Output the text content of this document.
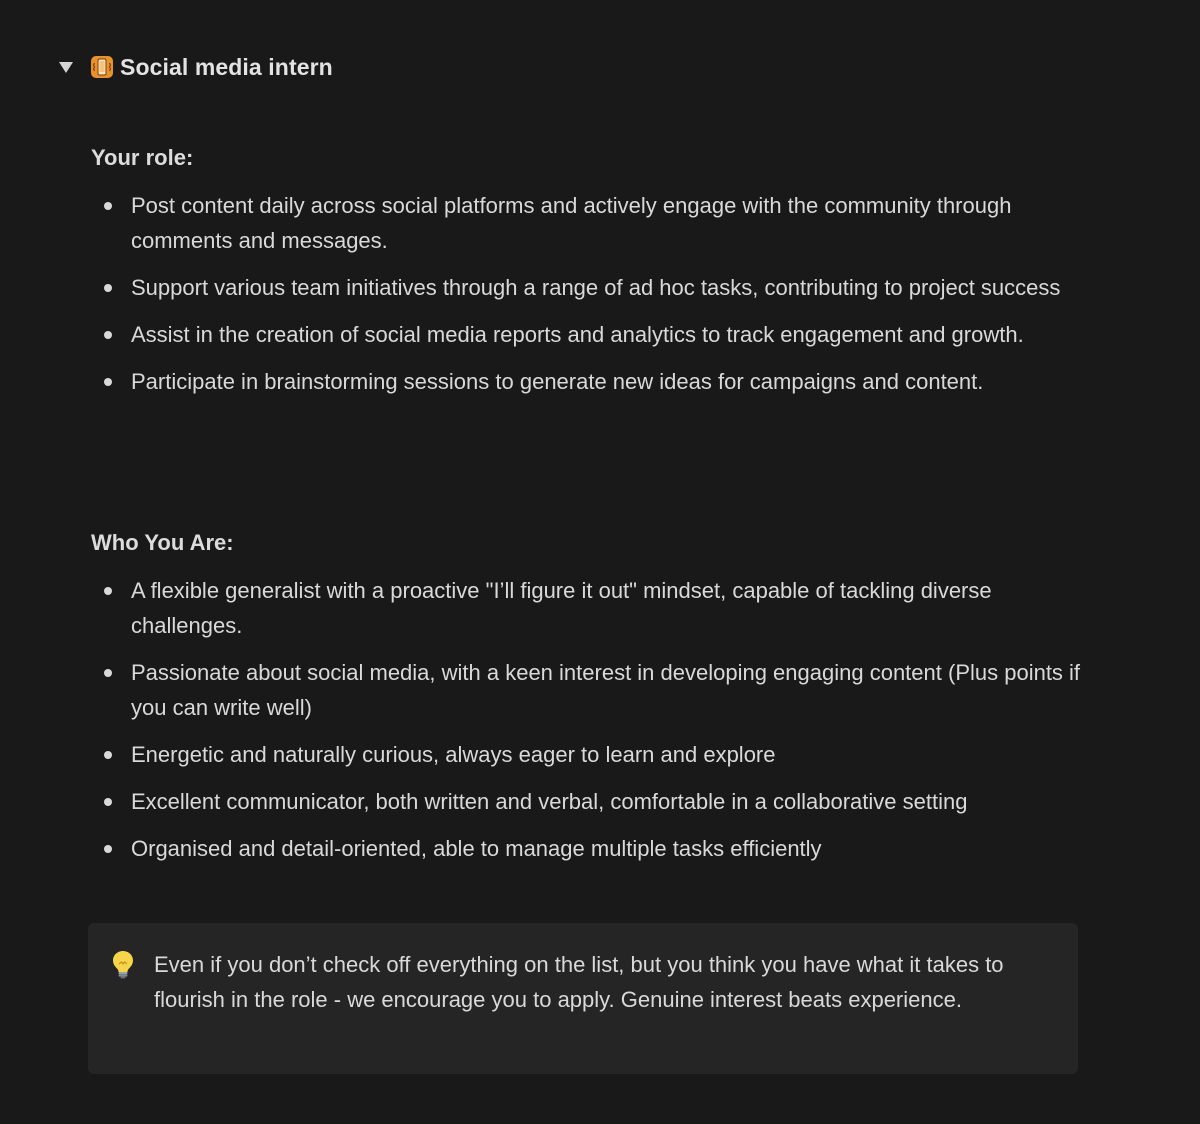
Social media intern
Your role:
Post content daily across social platforms and actively engage with the community through comments and messages.
Support various team initiatives through a range of ad hoc tasks, contributing to project success
Assist in the creation of social media reports and analytics to track engagement and growth.
Participate in brainstorming sessions to generate new ideas for campaigns and content.
Who You Are:
A flexible generalist with a proactive "I’ll figure it out" mindset, capable of tackling diverse challenges.
Passionate about social media, with a keen interest in developing engaging content (Plus points if you can write well)
Energetic and naturally curious, always eager to learn and explore
Excellent communicator, both written and verbal, comfortable in a collaborative setting
Organised and detail-oriented, able to manage multiple tasks efficiently
Even if you don’t check off everything on the list, but you think you have what it takes to flourish in the role - we encourage you to apply. Genuine interest beats experience.
